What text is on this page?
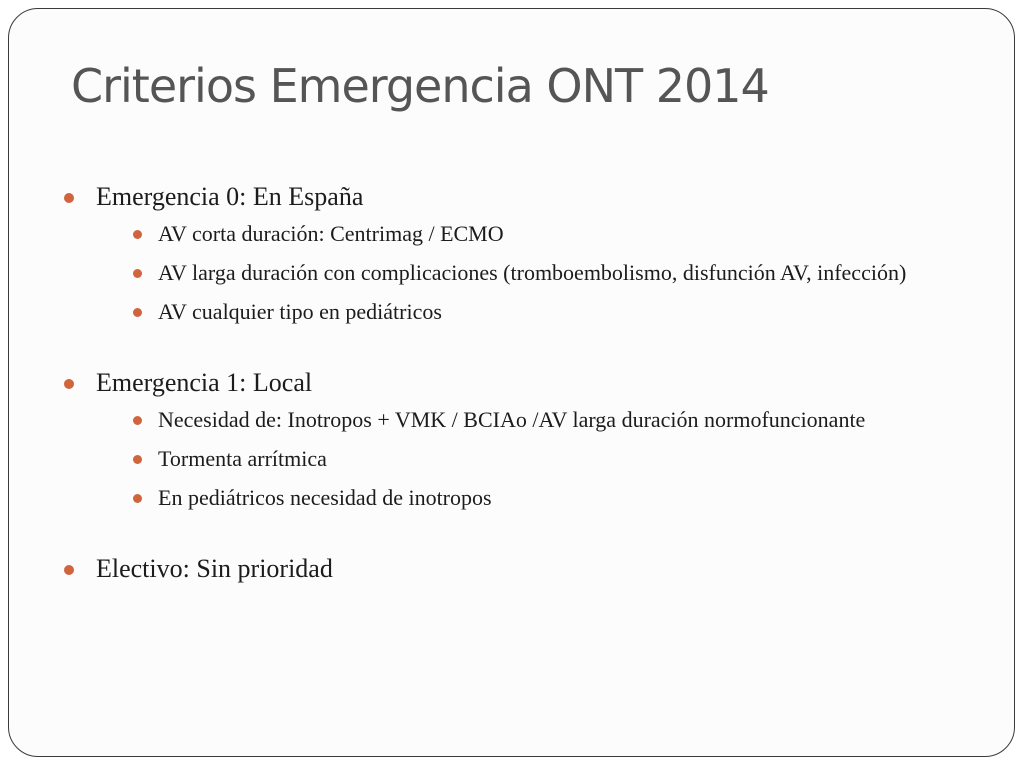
Criterios Emergencia ONT 2014
Emergencia 0: En España
AV corta duración: Centrimag / ECMO
AV larga duración con complicaciones (tromboembolismo, disfunción AV, infección)
AV cualquier tipo en pediátricos
Emergencia 1: Local
Necesidad de: Inotropos + VMK / BCIAo /AV larga duración normofuncionante
Tormenta arrítmica
En pediátricos necesidad de inotropos
Electivo: Sin prioridad
